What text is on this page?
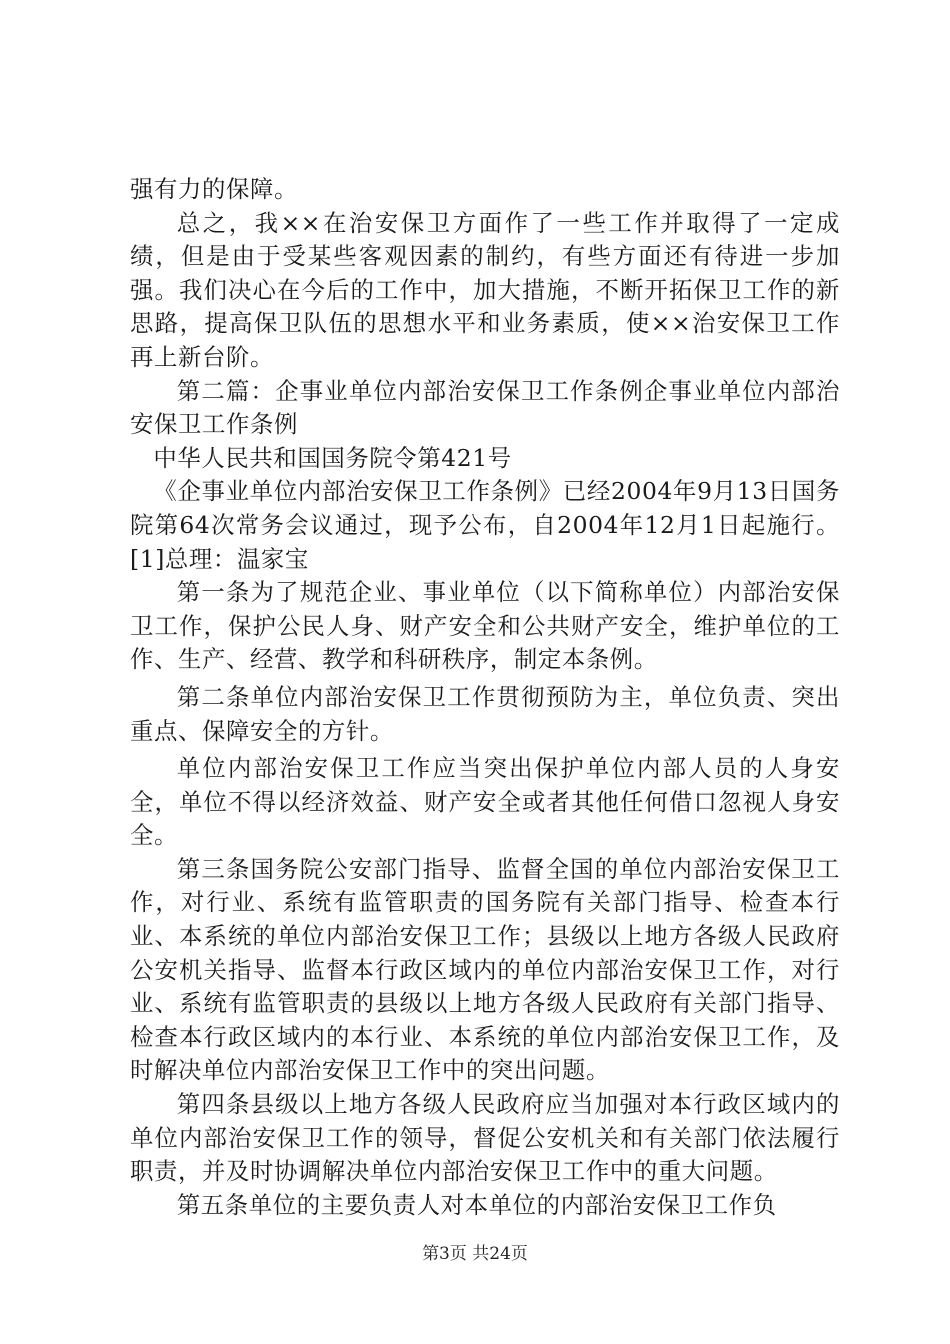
强有力的保障。

总之，我××在治安保卫方面作了一些工作并取得了一定成绩，但是由于受某些客观因素的制约，有些方面还有待进一步加强。我们决心在今后的工作中，加大措施，不断开拓保卫工作的新思路，提高保卫队伍的思想水平和业务素质，使××治安保卫工作再上新台阶。

第二篇：企事业单位内部治安保卫工作条例企事业单位内部治安保卫工作条例

中华人民共和国国务院令第421号

《企事业单位内部治安保卫工作条例》已经2004年9月13日国务院第64次常务会议通过，现予公布，自2004年12月1日起施行。[1]总理：温家宝

第一条为了规范企业、事业单位（以下简称单位）内部治安保卫工作，保护公民人身、财产安全和公共财产安全，维护单位的工作、生产、经营、教学和科研秩序，制定本条例。

第二条单位内部治安保卫工作贯彻预防为主，单位负责、突出重点、保障安全的方针。

单位内部治安保卫工作应当突出保护单位内部人员的人身安全，单位不得以经济效益、财产安全或者其他任何借口忽视人身安全。

第三条国务院公安部门指导、监督全国的单位内部治安保卫工作，对行业、系统有监管职责的国务院有关部门指导、检查本行业、本系统的单位内部治安保卫工作；县级以上地方各级人民政府公安机关指导、监督本行政区域内的单位内部治安保卫工作，对行业、系统有监管职责的县级以上地方各级人民政府有关部门指导、检查本行政区域内的本行业、本系统的单位内部治安保卫工作，及时解决单位内部治安保卫工作中的突出问题。

第四条县级以上地方各级人民政府应当加强对本行政区域内的单位内部治安保卫工作的领导，督促公安机关和有关部门依法履行职责，并及时协调解决单位内部治安保卫工作中的重大问题。

第五条单位的主要负责人对本单位的内部治安保卫工作负

第3页 共24页
